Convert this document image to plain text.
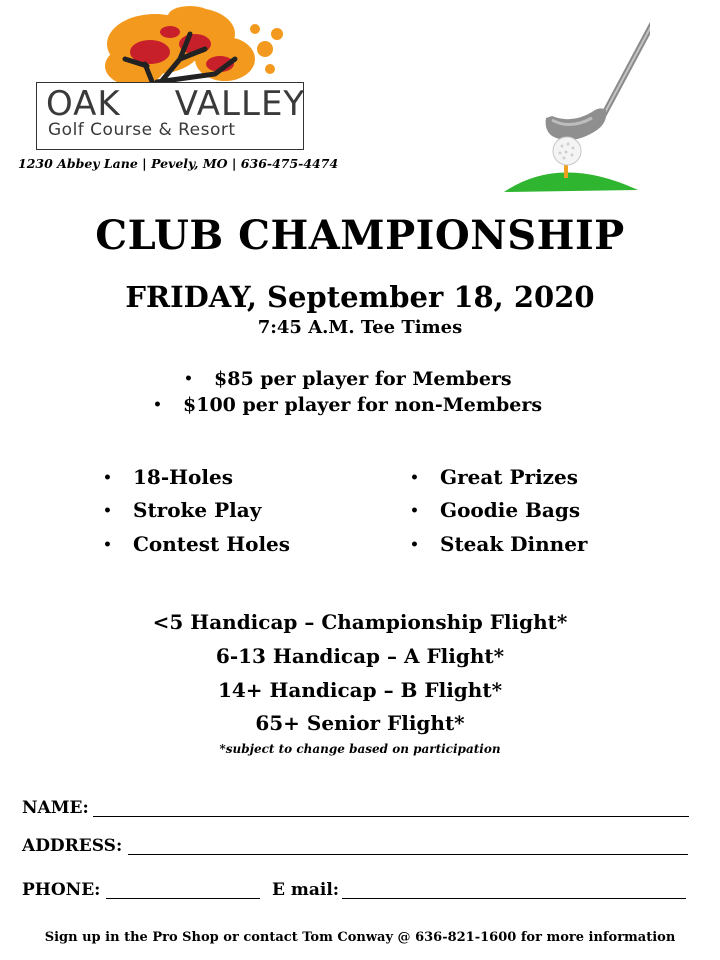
OAK VALLEY
Golf Course & Resort
1230 Abbey Lane | Pevely, MO | 636-475-4474
CLUB CHAMPIONSHIP
FRIDAY, September 18, 2020
7:45 A.M. Tee Times
• $85 per player for Members
• $100 per player for non-Members
• 18-Holes
• Stroke Play
• Contest Holes
• Great Prizes
• Goodie Bags
• Steak Dinner
<5 Handicap – Championship Flight*
6-13 Handicap – A Flight*
14+ Handicap – B Flight*
65+ Senior Flight*
*subject to change based on participation
NAME:
ADDRESS:
PHONE:	E mail:
Sign up in the Pro Shop or contact Tom Conway @ 636-821-1600 for more information
